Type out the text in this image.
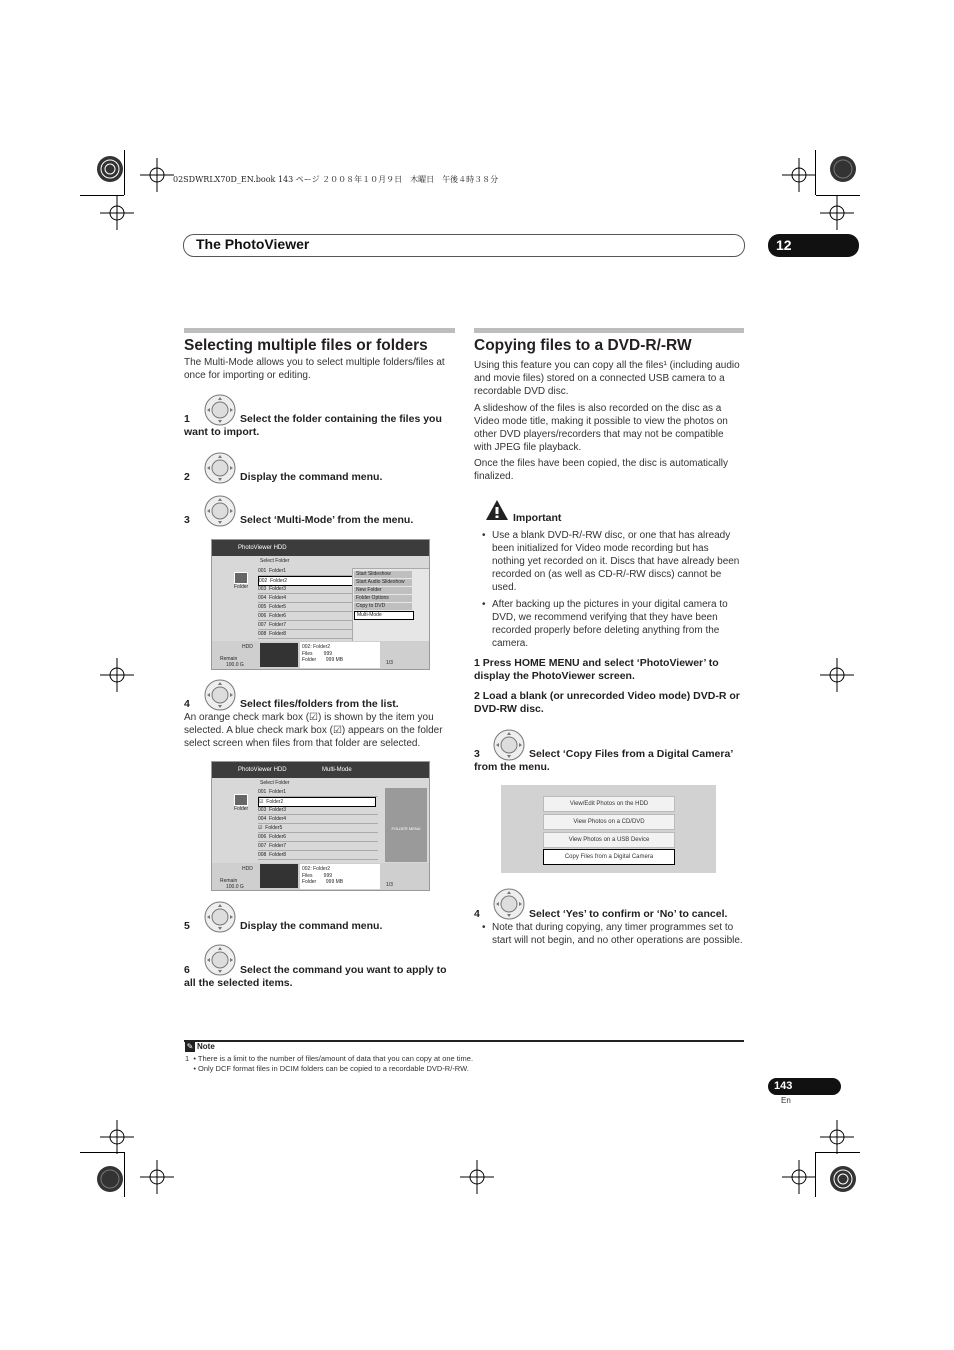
02SDWRLX70D_EN.book 143 ページ ２００８年１０月９日　木曜日　午後４時３８分
The PhotoViewer	12
Selecting multiple files or folders
The Multi-Mode allows you to select multiple folders/files at once for importing or editing.
1	Select the folder containing the files you want to import.
2	Display the command menu.
3	Select ‘Multi-Mode’ from the menu.
PhotoViewer HDD
Select Folder
Folder
001 Folder1
002 Folder2
003 Folder3
004 Folder4
005 Folder5
006 Folder6
007 Folder7
008 Folder8
Start Slideshow
Start Audio Slideshow
New Folder
Folder Options
Copy to DVD
Multi-Mode
HDD
Remain
100.0 G
002: Folder2
Files        999
Folder       999 MB	1/3
4	Select files/folders from the list.
An orange check mark box (☑) is shown by the item you selected. A blue check mark box (☑) appears on the folder select screen when files from that folder are selected.
PhotoViewer HDD	Multi-Mode
Select Folder
Folder
001 Folder1
☑ Folder2
003 Folder3
004 Folder4
☑ Folder5
006 Folder6
007 Folder7
008 Folder8
FOLDER MENU
HDD
Remain
100.0 G
002: Folder2
Files        999
Folder       999 MB	1/3
5	Display the command menu.
6	Select the command you want to apply to all the selected items.
Copying files to a DVD-R/-RW
Using this feature you can copy all the files¹ (including audio and movie files) stored on a connected USB camera to a recordable DVD disc.
A slideshow of the files is also recorded on the disc as a Video mode title, making it possible to view the photos on other DVD players/recorders that may not be compatible with JPEG file playback.
Once the files have been copied, the disc is automatically finalized.
Important
• Use a blank DVD-R/-RW disc, or one that has already been initialized for Video mode recording but has nothing yet recorded on it. Discs that have already been recorded on (as well as CD-R/-RW discs) cannot be used.
• After backing up the pictures in your digital camera to DVD, we recommend verifying that they have been recorded properly before deleting anything from the camera.
1 Press HOME MENU and select ‘PhotoViewer’ to display the PhotoViewer screen.
2 Load a blank (or unrecorded Video mode) DVD-R or DVD-RW disc.
3	Select ‘Copy Files from a Digital Camera’ from the menu.
View/Edit Photos on the HDD
View Photos on a CD/DVD
View Photos on a USB Device
Copy Files from a Digital Camera
4	Select ‘Yes’ to confirm or ‘No’ to cancel.
• Note that during copying, any timer programmes set to start will not begin, and no other operations are possible.
✎ Note
1  • There is a limit to the number of files/amount of data that you can copy at one time.
• Only DCF format files in DCIM folders can be copied to a recordable DVD-R/-RW.
143
En
